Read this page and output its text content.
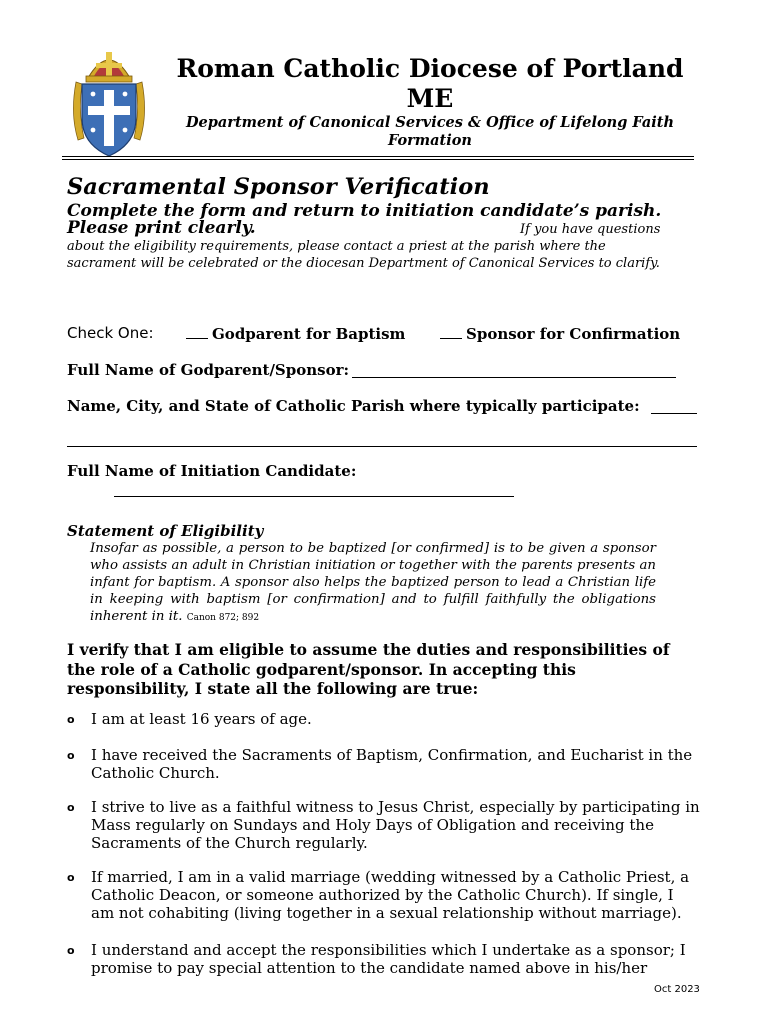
Roman Catholic Diocese of Portland
ME
Department of Canonical Services & Office of Lifelong Faith
Formation
Sacramental Sponsor Verification
Complete the form and return to initiation candidate’s parish.
Please print clearly.	If you have questions
about the eligibility requirements, please contact a priest at the parish where the sacrament will be celebrated or the diocesan Department of Canonical Services to clarify.
Check One:	Godparent for Baptism	Sponsor for Confirmation
Full Name of Godparent/Sponsor:
Name, City, and State of Catholic Parish where typically participate:
Full Name of Initiation Candidate:
Statement of Eligibility
Insofar as possible, a person to be baptized [or confirmed] is to be given a sponsor who assists an adult in Christian initiation or together with the parents presents an infant for baptism. A sponsor also helps the baptized person to lead a Christian life in keeping with baptism [or confirmation] and to fulfill faithfully the obligations inherent in it. Canon 872; 892
I verify that I am eligible to assume the duties and responsibilities of the role of a Catholic godparent/sponsor. In accepting this responsibility, I state all the following are true:
o I am at least 16 years of age.
o I have received the Sacraments of Baptism, Confirmation, and Eucharist in the Catholic Church.
o I strive to live as a faithful witness to Jesus Christ, especially by participating in Mass regularly on Sundays and Holy Days of Obligation and receiving the Sacraments of the Church regularly.
o If married, I am in a valid marriage (wedding witnessed by a Catholic Priest, a Catholic Deacon, or someone authorized by the Catholic Church). If single, I am not cohabiting (living together in a sexual relationship without marriage).
o I understand and accept the responsibilities which I undertake as a sponsor; I promise to pay special attention to the candidate named above in his/her
Oct 2023
